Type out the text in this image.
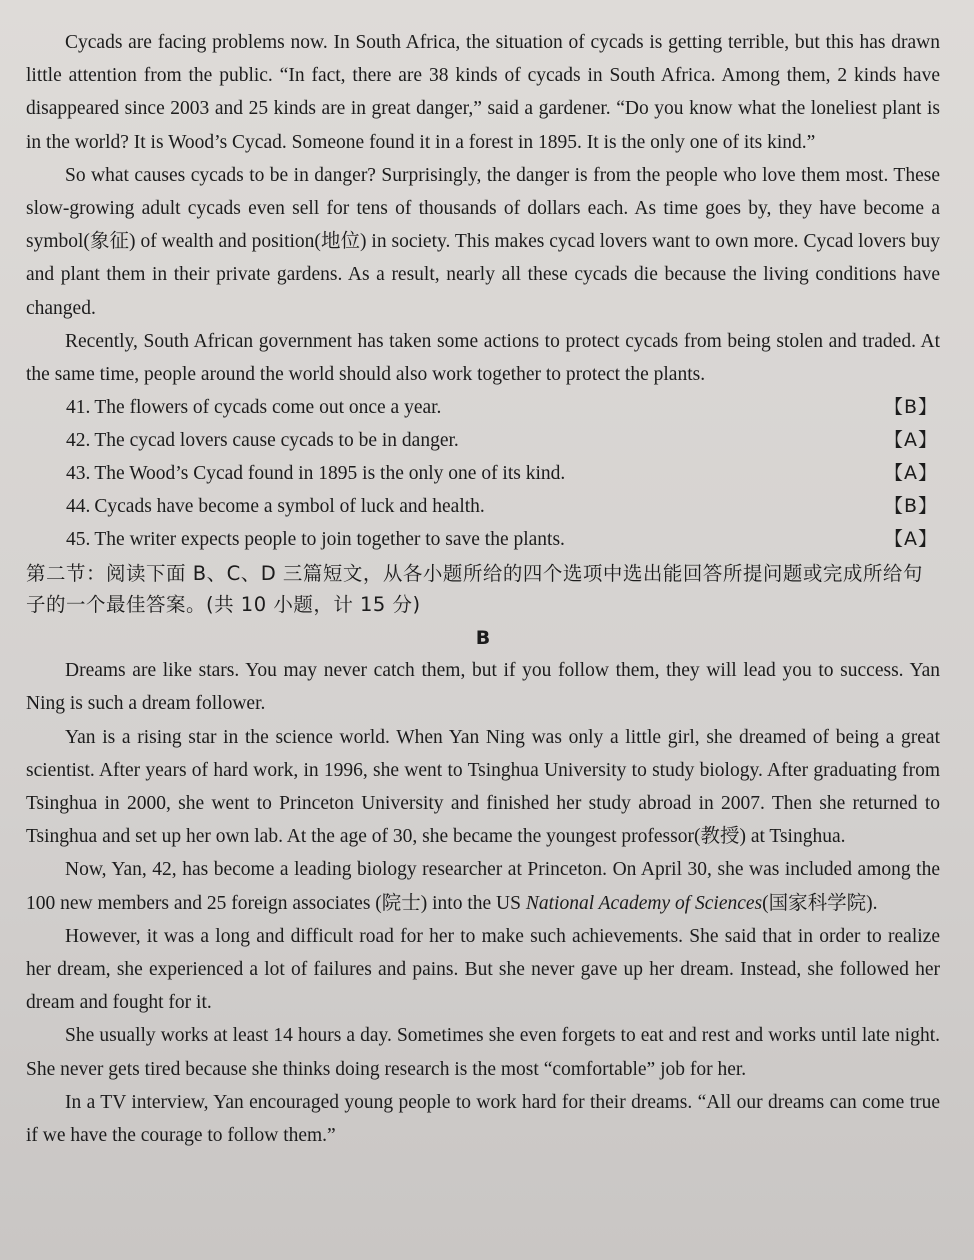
Cycads are facing problems now. In South Africa, the situation of cycads is getting terrible, but this has drawn little attention from the public. “In fact, there are 38 kinds of cycads in South Africa. Among them, 2 kinds have disappeared since 2003 and 25 kinds are in great danger,” said a gardener. “Do you know what the loneliest plant is in the world? It is Wood’s Cycad. Someone found it in a forest in 1895. It is the only one of its kind.”

So what causes cycads to be in danger? Surprisingly, the danger is from the people who love them most. These slow-growing adult cycads even sell for tens of thousands of dollars each. As time goes by, they have become a symbol(象征) of wealth and position(地位) in society. This makes cycad lovers want to own more. Cycad lovers buy and plant them in their private gardens. As a result, nearly all these cycads die because the living conditions have changed.

Recently, South African government has taken some actions to protect cycads from being stolen and traded. At the same time, people around the world should also work together to protect the plants.

41. The flowers of cycads come out once a year.	【B】
42. The cycad lovers cause cycads to be in danger.	【A】
43. The Wood’s Cycad found in 1895 is the only one of its kind.	【A】
44. Cycads have become a symbol of luck and health.	【B】
45. The writer expects people to join together to save the plants.	【A】

第二节：阅读下面 B、C、D 三篇短文，从各小题所给的四个选项中选出能回答所提问题或完成所给句子的一个最佳答案。(共 10 小题，计 15 分)

B

Dreams are like stars. You may never catch them, but if you follow them, they will lead you to success. Yan Ning is such a dream follower.

Yan is a rising star in the science world. When Yan Ning was only a little girl, she dreamed of being a great scientist. After years of hard work, in 1996, she went to Tsinghua University to study biology. After graduating from Tsinghua in 2000, she went to Princeton University and finished her study abroad in 2007. Then she returned to Tsinghua and set up her own lab. At the age of 30, she became the youngest professor(教授) at Tsinghua.

Now, Yan, 42, has become a leading biology researcher at Princeton. On April 30, she was included among the 100 new members and 25 foreign associates (院士) into the US National Academy of Sciences(国家科学院).

However, it was a long and difficult road for her to make such achievements. She said that in order to realize her dream, she experienced a lot of failures and pains. But she never gave up her dream. Instead, she followed her dream and fought for it.

She usually works at least 14 hours a day. Sometimes she even forgets to eat and rest and works until late night. She never gets tired because she thinks doing research is the most “comfortable” job for her.

In a TV interview, Yan encouraged young people to work hard for their dreams. “All our dreams can come true if we have the courage to follow them.”
